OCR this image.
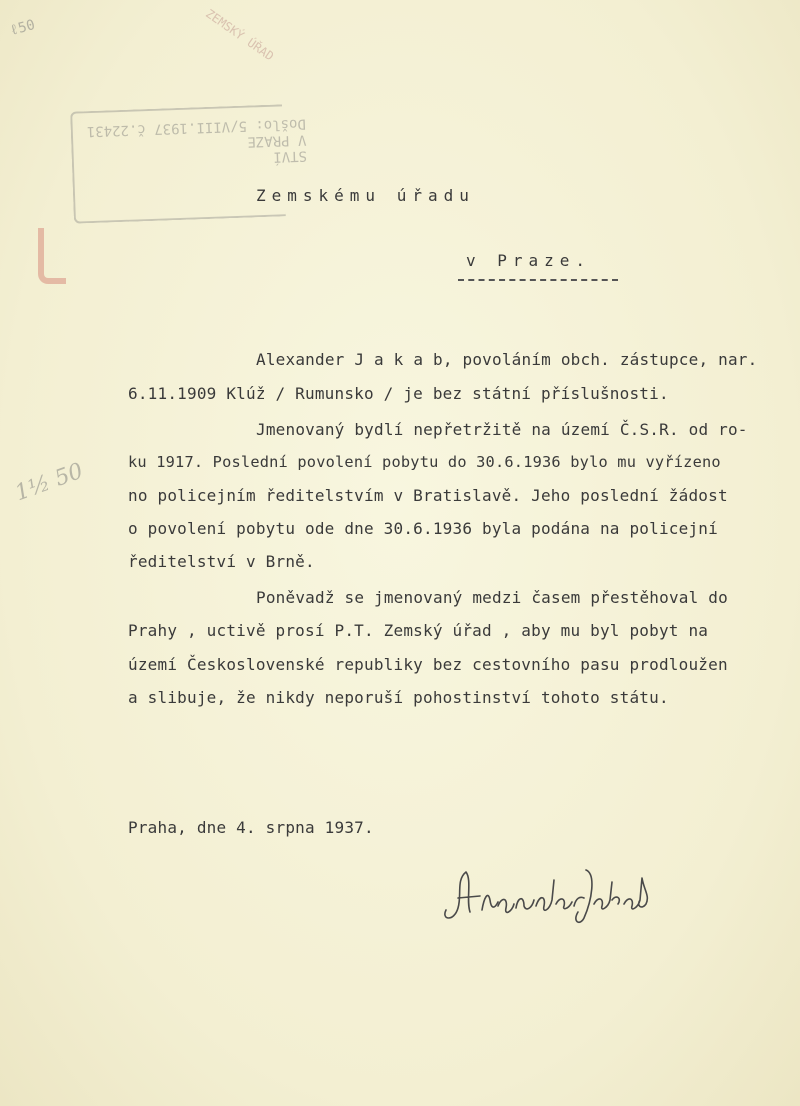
ℓ50	ZEMSKÝ ÚŘAD
STVÍ
V PRAZE
Došlo: 5/VIII.1937 č.22431
1½ 50
Zemskému úřadu
v Praze.
Alexander J a k a b, povoláním obch. zástupce, nar.
6.11.1909 Klúž / Rumunsko / je bez státní příslušnosti.
Jmenovaný bydlí nepřetržitě na území Č.S.R. od ro-
ku 1917. Poslední povolení pobytu do 30.6.1936 bylo mu vyřízeno
no policejním ředitelstvím v Bratislavě. Jeho poslední žádost
o povolení pobytu ode dne 30.6.1936 byla podána na policejní
ředitelství v Brně.
Poněvadž se jmenovaný medzi časem přestěhoval do
Prahy , uctivě prosí P.T. Zemský úřad , aby mu byl pobyt na
území Československé republiky bez cestovního pasu prodloužen
a slibuje, že nikdy neporuší pohostinství tohoto státu.
Praha, dne 4. srpna 1937.
